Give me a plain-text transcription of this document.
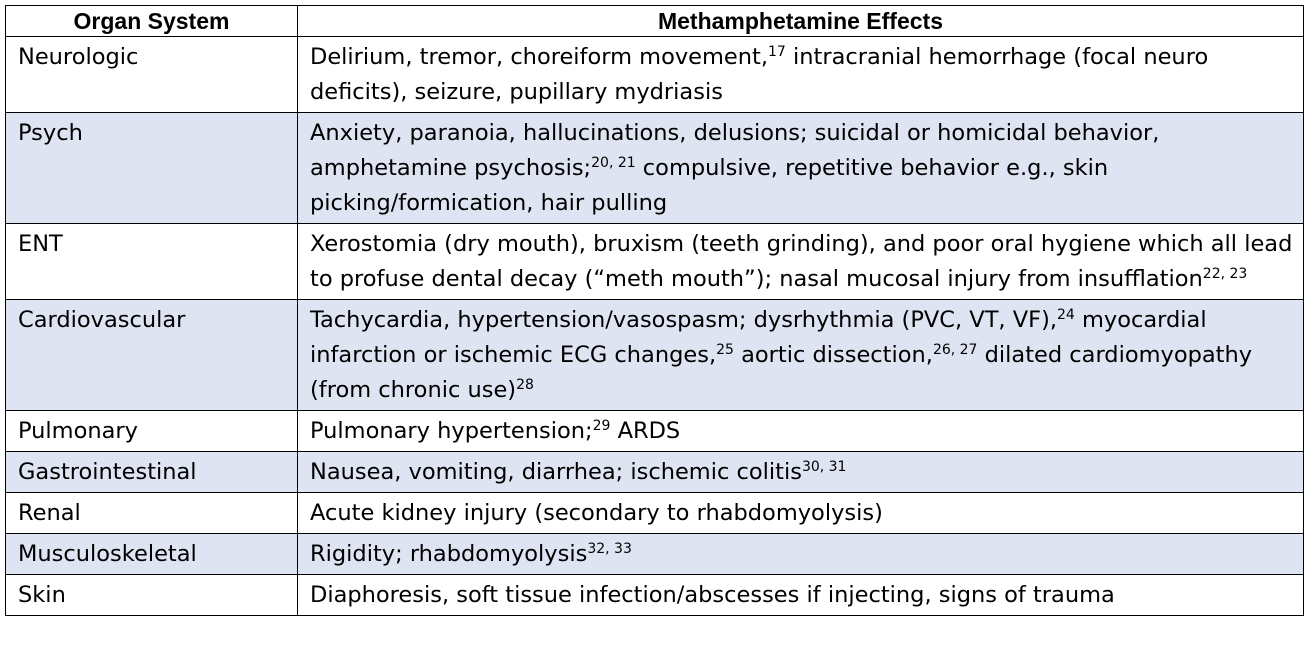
Organ System	Methamphetamine Effects
Neurologic	Delirium, tremor, choreiform movement,$^{17}$ intracranial hemorrhage (focal neuro deficits), seizure, pupillary mydriasis
Psych	Anxiety, paranoia, hallucinations, delusions; suicidal or homicidal behavior, amphetamine psychosis;$^{20, 21}$ compulsive, repetitive behavior e.g., skin picking/formication, hair pulling
ENT	Xerostomia (dry mouth), bruxism (teeth grinding), and poor oral hygiene which all lead to profuse dental decay (“meth mouth”); nasal mucosal injury from insufflation$^{22, 23}$
Cardiovascular	Tachycardia, hypertension/vasospasm; dysrhythmia (PVC, VT, VF),$^{24}$ myocardial infarction or ischemic ECG changes,$^{25}$ aortic dissection,$^{26, 27}$ dilated cardiomyopathy (from chronic use)$^{28}$
Pulmonary	Pulmonary hypertension;$^{29}$ ARDS
Gastrointestinal	Nausea, vomiting, diarrhea; ischemic colitis$^{30, 31}$
Renal	Acute kidney injury (secondary to rhabdomyolysis)
Musculoskeletal	Rigidity; rhabdomyolysis$^{32, 33}$
Skin	Diaphoresis, soft tissue infection/abscesses if injecting, signs of trauma
